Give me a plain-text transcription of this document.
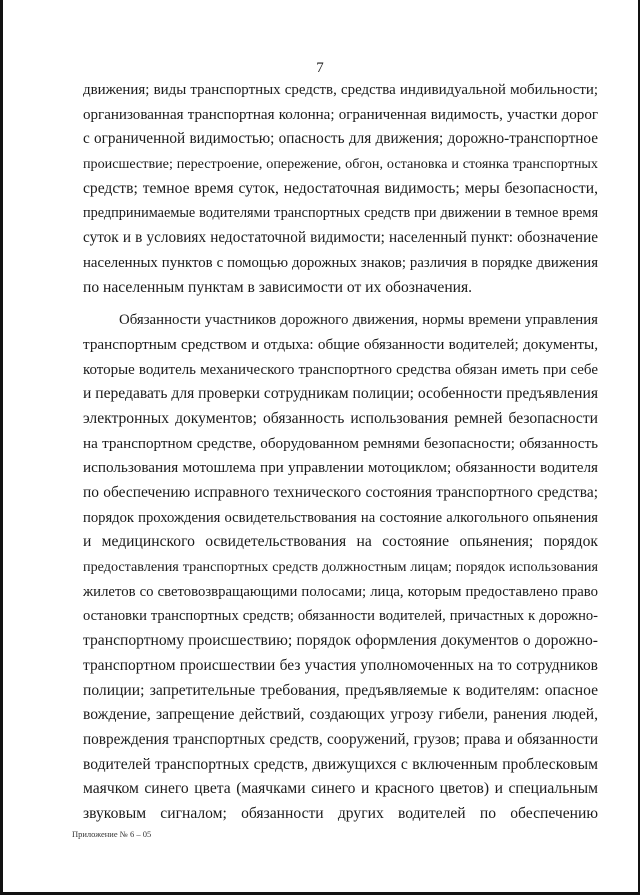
7
движения; виды транспортных средств, средства индивидуальной мобильности;
организованная транспортная колонна; ограниченная видимость, участки дорог
с ограниченной видимостью; опасность для движения; дорожно-транспортное
происшествие; перестроение, опережение, обгон, остановка и стоянка транспортных
средств; темное время суток, недостаточная видимость; меры безопасности,
предпринимаемые водителями транспортных средств при движении в темное время
суток и в условиях недостаточной видимости; населенный пункт: обозначение
населенных пунктов с помощью дорожных знаков; различия в порядке движения
по населенным пунктам в зависимости от их обозначения.
Обязанности участников дорожного движения, нормы времени управления
транспортным средством и отдыха: общие обязанности водителей; документы,
которые водитель механического транспортного средства обязан иметь при себе
и передавать для проверки сотрудникам полиции; особенности предъявления
электронных документов; обязанность использования ремней безопасности
на транспортном средстве, оборудованном ремнями безопасности; обязанность
использования мотошлема при управлении мотоциклом; обязанности водителя
по обеспечению исправного технического состояния транспортного средства;
порядок прохождения освидетельствования на состояние алкогольного опьянения
и медицинского освидетельствования на состояние опьянения; порядок
предоставления транспортных средств должностным лицам; порядок использования
жилетов со световозвращающими полосами; лица, которым предоставлено право
остановки транспортных средств; обязанности водителей, причастных к дорожно-
транспортному происшествию; порядок оформления документов о дорожно-
транспортном происшествии без участия уполномоченных на то сотрудников
полиции; запретительные требования, предъявляемые к водителям: опасное
вождение, запрещение действий, создающих угрозу гибели, ранения людей,
повреждения транспортных средств, сооружений, грузов; права и обязанности
водителей транспортных средств, движущихся с включенным проблесковым
маячком синего цвета (маячками синего и красного цветов) и специальным
звуковым сигналом; обязанности других водителей по обеспечению
Приложение № 6 – 05
